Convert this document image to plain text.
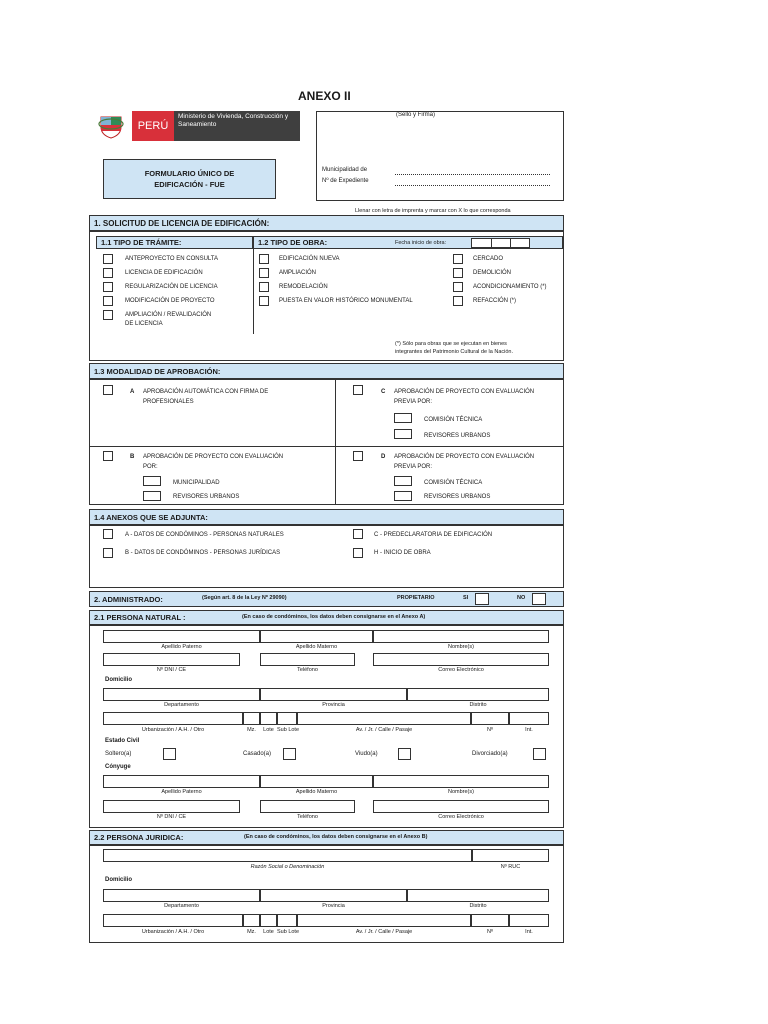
ANEXO II
PERÚ
Ministerio de Vivienda, Construcción y Saneamiento
(Sello y Firma)
Municipalidad de
Nº de Expediente
FORMULARIO ÚNICO DE
EDIFICACIÓN - FUE
Llenar con letra de imprenta y marcar con X lo que corresponda
1. SOLICITUD DE LICENCIA DE EDIFICACIÓN:
1.1 TIPO DE TRÁMITE:	1.2 TIPO DE OBRA:	Fecha inicio de obra:
ANTEPROYECTO EN CONSULTA
LICENCIA DE EDIFICACIÓN
REGULARIZACIÓN DE LICENCIA
MODIFICACIÓN DE PROYECTO
AMPLIACIÓN / REVALIDACIÓN
DE LICENCIA
EDIFICACIÓN NUEVA
AMPLIACIÓN
REMODELACIÓN
PUESTA EN VALOR HISTÓRICO MONUMENTAL
CERCADO
DEMOLICIÓN
ACONDICIONAMIENTO (*)
REFACCIÓN (*)
(*) Sólo para obras que se ejecutan en bienes
integrantes del Patrimonio Cultural de la Nación.
1.3 MODALIDAD DE APROBACIÓN:
A APROBACIÓN AUTOMÁTICA CON FIRMA DE
PROFESIONALES
C APROBACIÓN DE PROYECTO CON EVALUACIÓN
PREVIA POR:
COMISIÓN TÉCNICA
REVISORES URBANOS
B APROBACIÓN DE PROYECTO CON EVALUACIÓN
POR:
MUNICIPALIDAD
REVISORES URBANOS
D APROBACIÓN DE PROYECTO CON EVALUACIÓN
PREVIA POR:
COMISIÓN TÉCNICA
REVISORES URBANOS
1.4 ANEXOS QUE SE ADJUNTA:
A - DATOS DE CONDÓMINOS - PERSONAS NATURALES
B - DATOS DE CONDÓMINOS - PERSONAS JURÍDICAS
C - PREDECLARATORIA DE EDIFICACIÓN
H - INICIO DE OBRA
2. ADMINISTRADO:	(Según art. 8 de la Ley Nº 29090)	PROPIETARIO	SI	NO
2.1 PERSONA NATURAL :	(En caso de condóminos, los datos deben consignarse en el Anexo A)
Apellido Paterno	Apellido Materno	Nombre(s)
Nº DNI / CE	Teléfono	Correo Electrónico
Domicilio
Departamento	Provincia	Distrito
Urbanización / A.H. / Otro	Mz.	Lote Sub Lote	Av. / Jr. / Calle / Pasaje	Nº	Int.
Estado Civil
Soltero(a)	Casado(a)	Viudo(a)	Divorciado(a)
Cónyuge
Apellido Paterno	Apellido Materno	Nombre(s)
Nº DNI / CE	Teléfono	Correo Electrónico
2.2 PERSONA JURIDICA:	(En caso de condóminos, los datos deben consignarse en el Anexo B)
Razón Social o Denominación	Nº RUC
Domicilio
Departamento	Provincia	Distrito
Urbanización / A.H. / Otro	Mz.	Lote Sub Lote	Av. / Jr. / Calle / Pasaje	Nº	Int.
